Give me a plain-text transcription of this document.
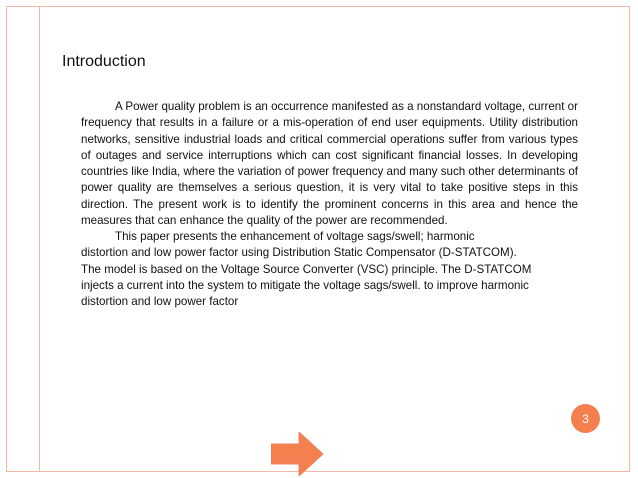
Introduction

A Power quality problem is an occurrence manifested as a nonstandard voltage, current or frequency that results in a failure or a mis-operation of end user equipments. Utility distribution networks, sensitive industrial loads and critical commercial operations suffer from various types of outages and service interruptions which can cost significant financial losses. In developing countries like India, where the variation of power frequency and many such other determinants of power quality are themselves a serious question, it is very vital to take positive steps in this direction. The present work is to identify the prominent concerns in this area and hence the measures that can enhance the quality of the power are recommended.

This paper presents the enhancement of voltage sags/swell; harmonic
distortion and low power factor using Distribution Static Compensator (D-STATCOM).
The model is based on the Voltage Source Converter (VSC) principle. The D-STATCOM
injects a current into the system to mitigate the voltage sags/swell. to improve harmonic
distortion and low power factor

3
